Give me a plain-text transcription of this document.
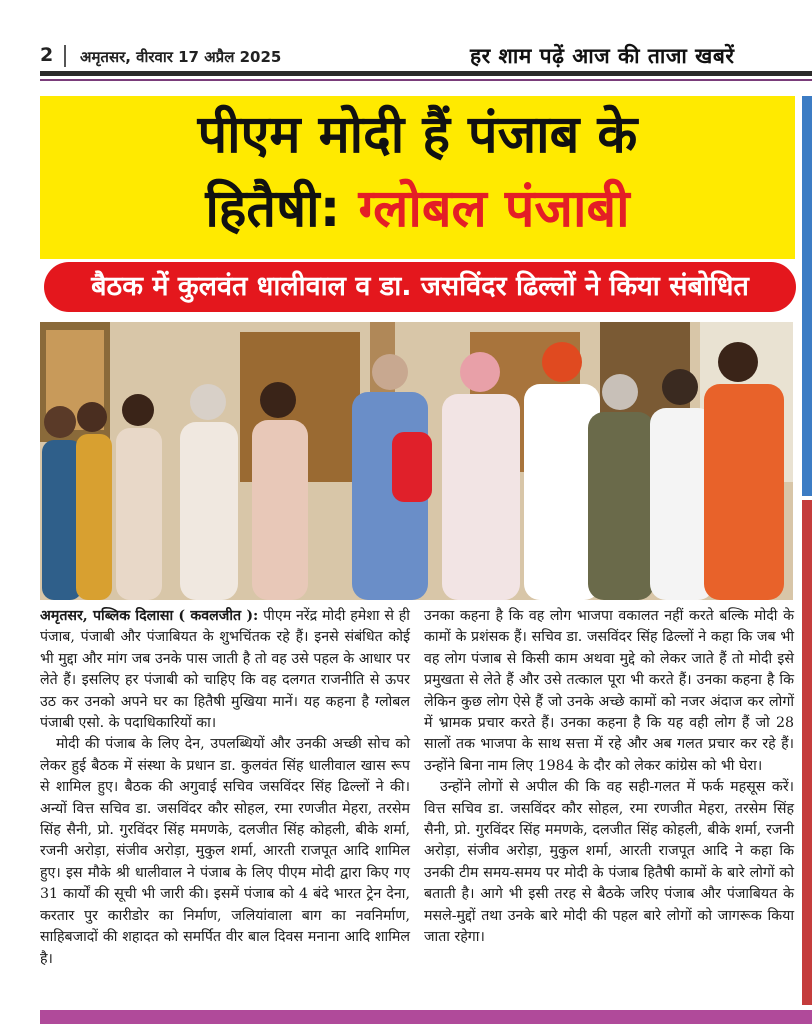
2 अमृतसर, वीरवार 17 अप्रैल 2025	हर शाम पढ़ें आज की ताजा खबरें
पीएम मोदी हैं पंजाब के
हितैषी: ग्लोबल पंजाबी
बैठक में कुलवंत धालीवाल व डा. जसविंदर ढिल्लों ने किया संबोधित

अमृतसर, पब्लिक दिलासा ( कवलजीत ): पीएम नरेंद्र मोदी हमेशा से ही पंजाब, पंजाबी और पंजाबियत के शुभचिंतक रहे हैं। इनसे संबंधित कोई भी मुद्दा और मांग जब उनके पास जाती है तो वह उसे पहल के आधार पर लेते हैं। इसलिए हर पंजाबी को चाहिए कि वह दलगत राजनीति से ऊपर उठ कर उनको अपने घर का हितैषी मुखिया मानें। यह कहना है ग्लोबल पंजाबी एसो. के पदाधिकारियों का।

मोदी की पंजाब के लिए देन, उपलब्धियों और उनकी अच्छी सोच को लेकर हुई बैठक में संस्था के प्रधान डा. कुलवंत सिंह धालीवाल खास रूप से शामिल हुए। बैठक की अगुवाई सचिव जसविंदर सिंह ढिल्लों ने की। अन्यों वित्त सचिव डा. जसविंदर कौर सोहल, रमा रणजीत मेहरा, तरसेम सिंह सैनी, प्रो. गुरविंदर सिंह ममणके, दलजीत सिंह कोहली, बीके शर्मा, रजनी अरोड़ा, संजीव अरोड़ा, मुकुल शर्मा, आरती राजपूत आदि शामिल हुए। इस मौके श्री धालीवाल ने पंजाब के लिए पीएम मोदी द्वारा किए गए 31 कार्यों की सूची भी जारी की। इसमें पंजाब को 4 बंदे भारत ट्रेन देना, करतार पुर कारीडोर का निर्माण, जलियांवाला बाग का नवनिर्माण, साहिबजादों की शहादत को समर्पित वीर बाल दिवस मनाना आदि शामिल है।

उनका कहना है कि वह लोग भाजपा वकालत नहीं करते बल्कि मोदी के कामों के प्रशंसक हैं। सचिव डा. जसविंदर सिंह ढिल्लों ने कहा कि जब भी वह लोग पंजाब से किसी काम अथवा मुद्दे को लेकर जाते हैं तो मोदी इसे प्रमुखता से लेते हैं और उसे तत्काल पूरा भी करते हैं। उनका कहना है कि लेकिन कुछ लोग ऐसे हैं जो उनके अच्छे कामों को नजर अंदाज कर लोगों में भ्रामक प्रचार करते हैं। उनका कहना है कि यह वही लोग हैं जो 28 सालों तक भाजपा के साथ सत्ता में रहे और अब गलत प्रचार कर रहे हैं। उन्होंने बिना नाम लिए 1984 के दौर को लेकर कांग्रेस को भी घेरा।

उन्होंने लोगों से अपील की कि वह सही-गलत में फर्क महसूस करें। वित्त सचिव डा. जसविंदर कौर सोहल, रमा रणजीत मेहरा, तरसेम सिंह सैनी, प्रो. गुरविंदर सिंह ममणके, दलजीत सिंह कोहली, बीके शर्मा, रजनी अरोड़ा, संजीव अरोड़ा, मुकुल शर्मा, आरती राजपूत आदि ने कहा कि उनकी टीम समय-समय पर मोदी के पंजाब हितैषी कामों के बारे लोगों को बताती है। आगे भी इसी तरह से बैठके जरिए पंजाब और पंजाबियत के मसले-मुद्दों तथा उनके बारे मोदी की पहल बारे लोगों को जागरूक किया जाता रहेगा।
